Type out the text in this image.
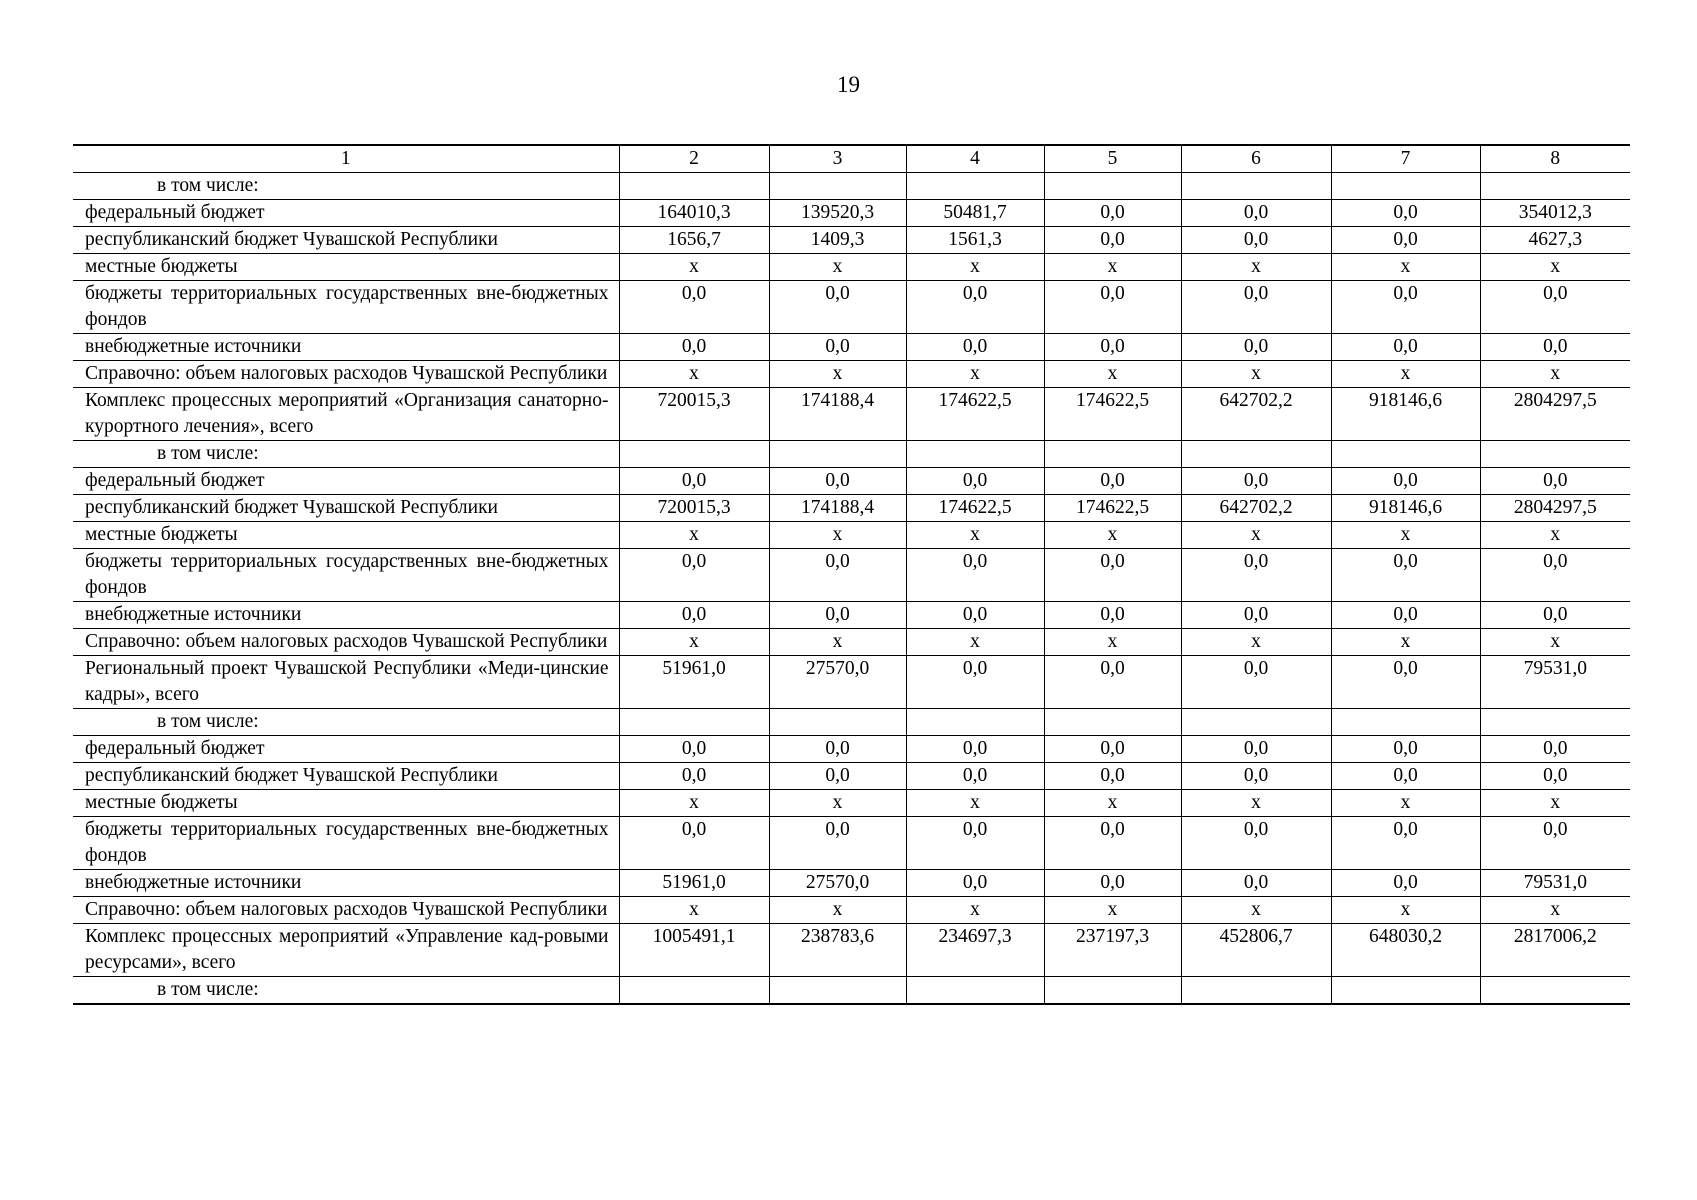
19
1	2	3	4	5	6	7	8
в том числе:							
федеральный бюджет	164010,3	139520,3	50481,7	0,0	0,0	0,0	354012,3
республиканский бюджет Чувашской Республики	1656,7	1409,3	1561,3	0,0	0,0	0,0	4627,3
местные бюджеты	х	х	х	х	х	х	х
бюджеты территориальных государственных вне-бюджетных фондов	0,0	0,0	0,0	0,0	0,0	0,0	0,0
внебюджетные источники	0,0	0,0	0,0	0,0	0,0	0,0	0,0
Справочно: объем налоговых расходов Чувашской Республики	х	х	х	х	х	х	х
Комплекс процессных мероприятий «Организация санаторно-курортного лечения», всего	720015,3	174188,4	174622,5	174622,5	642702,2	918146,6	2804297,5
в том числе:							
федеральный бюджет	0,0	0,0	0,0	0,0	0,0	0,0	0,0
республиканский бюджет Чувашской Республики	720015,3	174188,4	174622,5	174622,5	642702,2	918146,6	2804297,5
местные бюджеты	х	х	х	х	х	х	х
бюджеты территориальных государственных вне-бюджетных фондов	0,0	0,0	0,0	0,0	0,0	0,0	0,0
внебюджетные источники	0,0	0,0	0,0	0,0	0,0	0,0	0,0
Справочно: объем налоговых расходов Чувашской Республики	х	х	х	х	х	х	х
Региональный проект Чувашской Республики «Меди-цинские кадры», всего	51961,0	27570,0	0,0	0,0	0,0	0,0	79531,0
в том числе:							
федеральный бюджет	0,0	0,0	0,0	0,0	0,0	0,0	0,0
республиканский бюджет Чувашской Республики	0,0	0,0	0,0	0,0	0,0	0,0	0,0
местные бюджеты	х	х	х	х	х	х	х
бюджеты территориальных государственных вне-бюджетных фондов	0,0	0,0	0,0	0,0	0,0	0,0	0,0
внебюджетные источники	51961,0	27570,0	0,0	0,0	0,0	0,0	79531,0
Справочно: объем налоговых расходов Чувашской Республики	х	х	х	х	х	х	х
Комплекс процессных мероприятий «Управление кад-ровыми ресурсами», всего	1005491,1	238783,6	234697,3	237197,3	452806,7	648030,2	2817006,2
в том числе:							
